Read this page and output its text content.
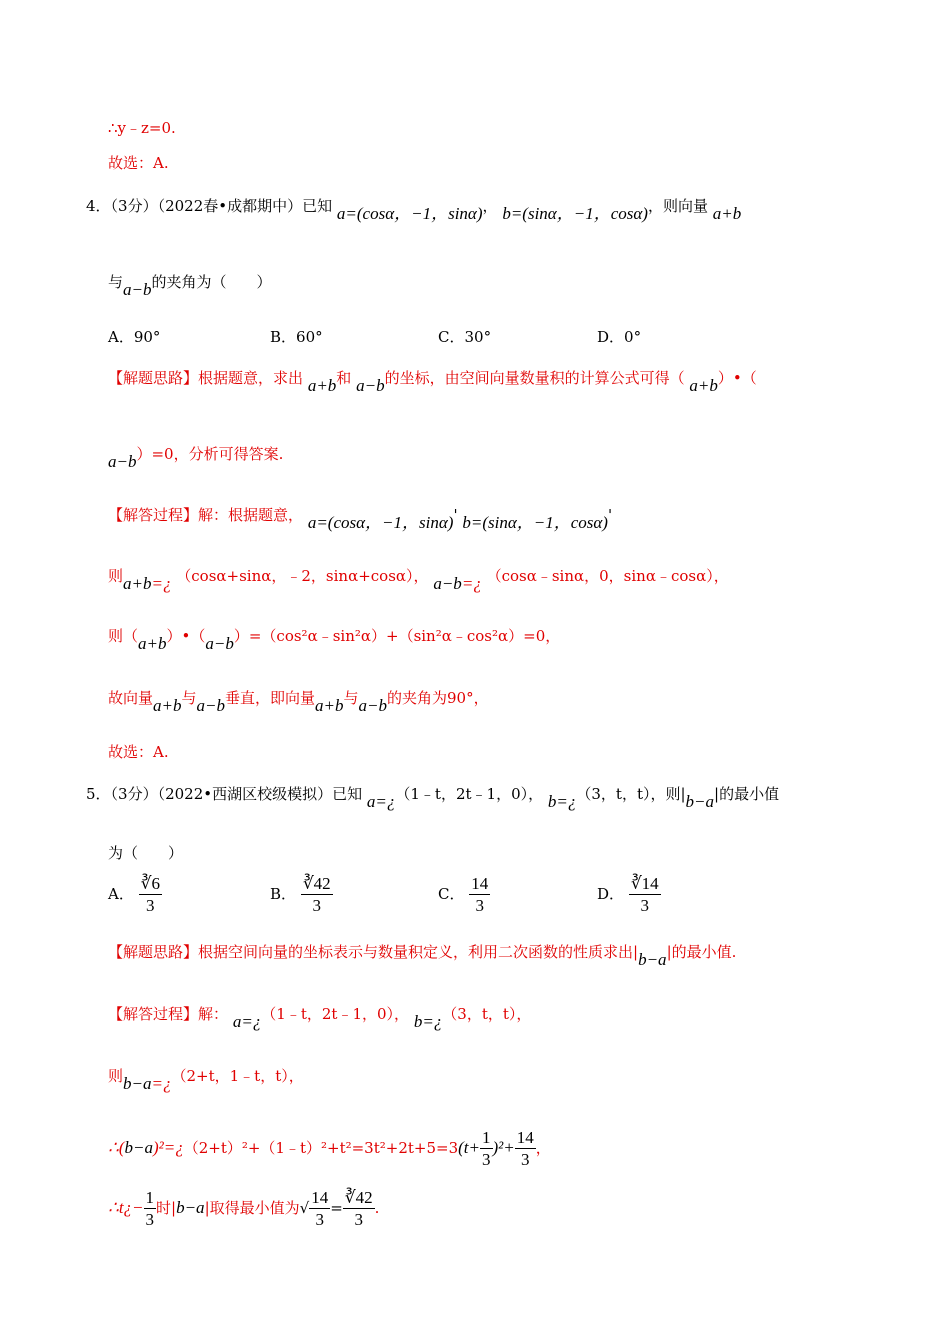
∴y﹣z=0.
故选：A.
4．（3分）（2022春•成都期中）已知 a=(cosα，−1，sinα)， b=(sinα，−1，cosα)，则向量 a+b
与a−b的夹角为（　　）
A．90°	B．60°	C．30°	D．0°
【解题思路】根据题意，求出 a+b和 a−b的坐标，由空间向量数量积的计算公式可得（ a+b）•（
a−b）=0，分析可得答案.
【解答过程】解：根据题意， a=(cosα，−1，sinα)' b=(sinα，−1，cosα)'
则a+b=¿ （cosα+sinα，﹣2，sinα+cosα）， a−b=¿ （cosα﹣sinα，0，sinα﹣cosα），
则（a+b）•（a−b）=（cos²α﹣sin²α）+（sin²α﹣cos²α）=0，
故向量a+b与a−b垂直，即向量a+b与a−b的夹角为90°，
故选：A.
5．（3分）（2022•西湖区校级模拟）已知 a=¿（1﹣t，2t﹣1，0）， b=¿（3，t，t），则|b−a|的最小值
为（　　）
A． $\frac{∛6}{3}$	B． $\frac{∛42}{3}$	C． $\frac{14}{3}$	D． $\frac{∛14}{3}$
【解题思路】根据空间向量的坐标表示与数量积定义，利用二次函数的性质求出|b−a|的最小值.
【解答过程】解： a=¿（1﹣t，2t﹣1，0）， b=¿（3，t，t），
则b−a=¿（2+t，1﹣t，t），
∴(b−a)²=¿（2+t）²+（1﹣t）²+t²=3t²+2t+5=3(t+ $\frac{1}{3} )^2+ \frac{14}{3}$ ，
∴t¿− $\frac{1}{3}$ 时|b−a|取得最小值为√ $\frac{14}{3} = \frac{∛42}{3}$ .
